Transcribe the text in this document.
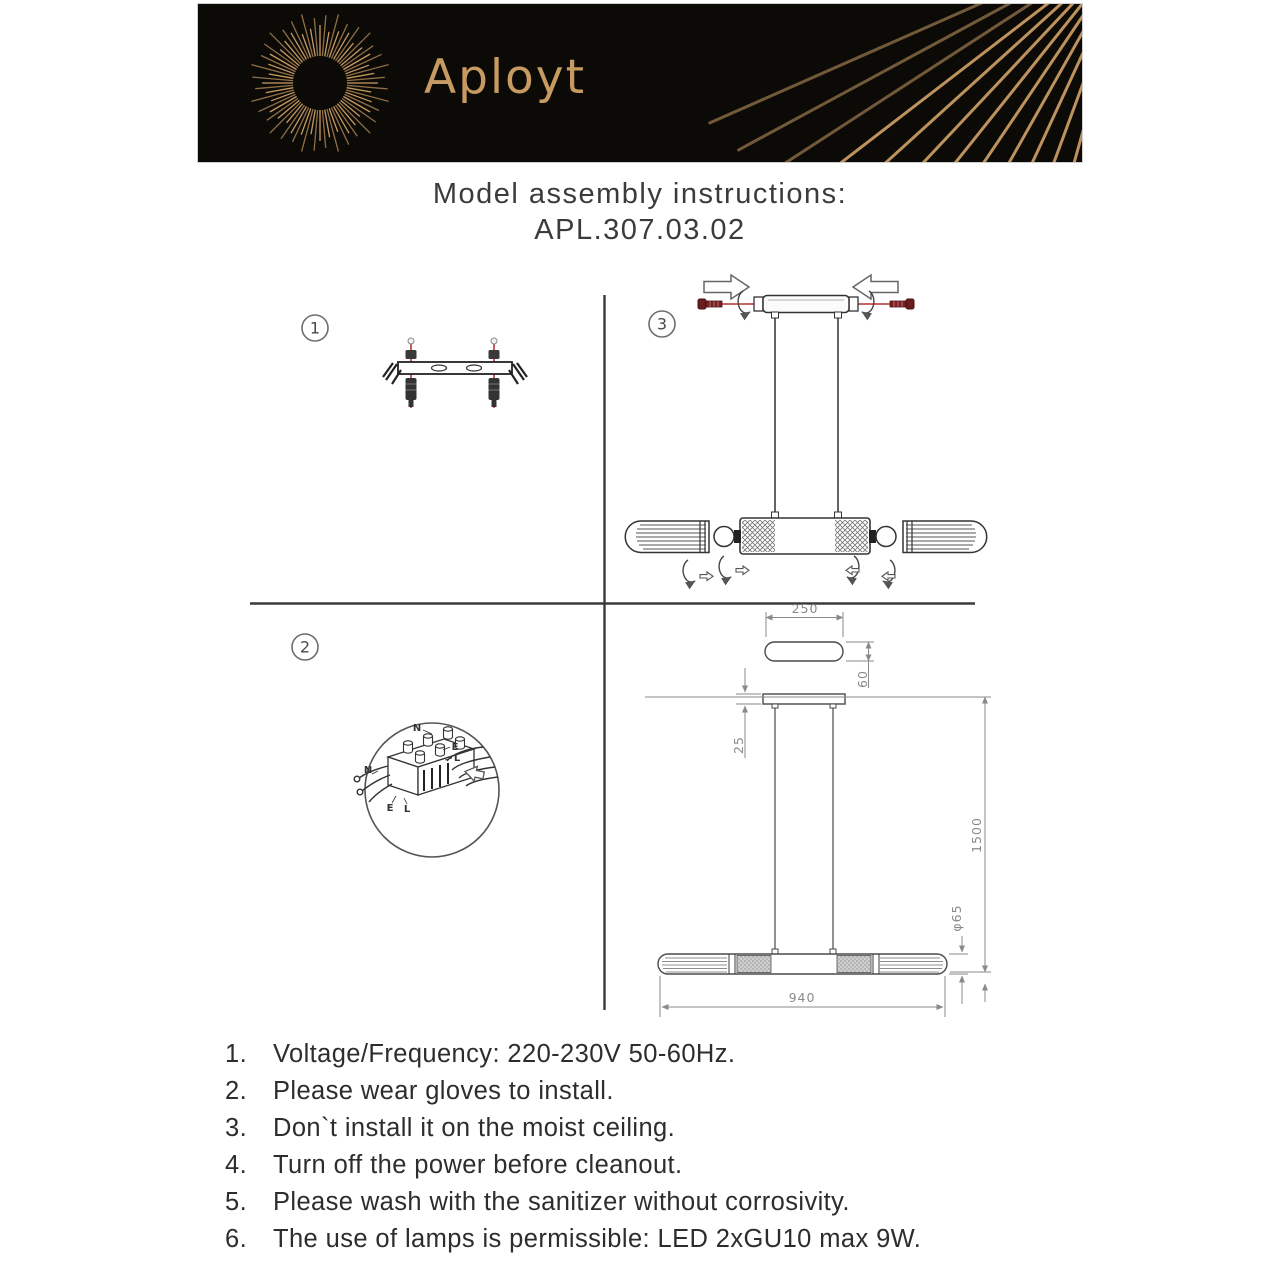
Aployt
Model assembly instructions:
APL.307.03.02
1	3
2
N
E
L
N
E L
250
60
25
940
1500
φ65
1.	Voltage/Frequency: 220-230V 50-60Hz.
2.	Please wear gloves to install.
3.	Don`t install it on the moist ceiling.
4.	Turn off the power before cleanout.
5.	Please wash with the sanitizer without corrosivity.
6.	The use of lamps is permissible: LED 2xGU10 max 9W.
